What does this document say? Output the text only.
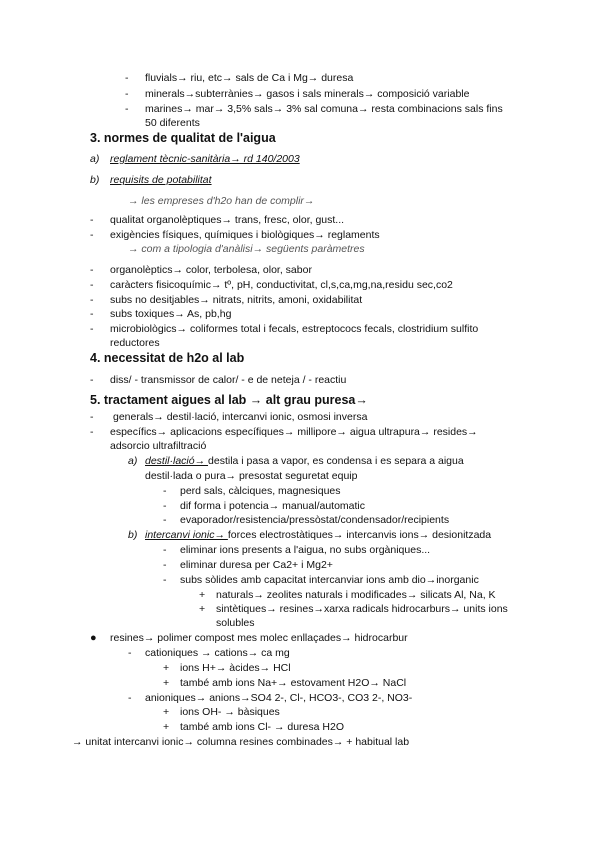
- fluvials→ riu, etc→ sals de Ca i Mg→ duresa
- minerals→subterrànies→ gasos i sals minerals→ composició variable
- marines→ mar→ 3,5% sals→ 3% sal comuna→ resta combinacions sals fins
50 diferents
3. normes de qualitat de l'aigua
a) reglament tècnic-sanitària→ rd 140/2003
b) requisits de potabilitat
→ les empreses d'h2o han de complir→
- qualitat organolèptiques→ trans, fresc, olor, gust...
- exigències físiques, químiques i biològiques→ reglaments
→ com a tipologia d'anàlisi→ següents paràmetres
- organolèptics→ color, terbolesa, olor, sabor
- caràcters fisicoquímic→ tº, pH, conductivitat, cl,s,ca,mg,na,residu sec,co2
- subs no desitjables→ nitrats, nitrits, amoni, oxidabilitat
- subs toxiques→ As, pb,hg
- microbiològics→ coliformes total i fecals, estreptococs fecals, clostridium sulfito
reductores
4. necessitat de h2o al lab
- diss/ - transmissor de calor/ - e de neteja / - reactiu
5. tractament aigues al lab → alt grau puresa→
- generals→ destil·lació, intercanvi ionic, osmosi inversa
- específics→ aplicacions específiques→ millipore→ aigua ultrapura→ resides→
adsorcio ultrafiltració
a) destil·lació→ destila i pasa a vapor, es condensa i es separa a aigua
destil·lada o pura→ presostat seguretat equip
- perd sals, càlciques, magnesiques
- dif forma i potencia→ manual/automatic
- evaporador/resistencia/pressòstat/condensador/recipients
b) intercanvi ionic→ forces electrostàtiques→ intercanvis ions→ desionitzada
- eliminar ions presents a l'aigua, no subs orgàniques...
- eliminar duresa per Ca2+ i Mg2+
- subs sòlides amb capacitat intercanviar ions amb dio→inorganic
+ naturals→ zeolites naturals i modificades→ silicats Al, Na, K
+ sintètiques→ resines→xarxa radicals hidrocarburs→ units ions
solubles
● resines→ polimer compost mes molec enllaçades→ hidrocarbur
- cationiques → cations→ ca mg
+ ions H+→ àcides→ HCl
+ també amb ions Na+→ estovament H2O→ NaCl
- anioniques→ anions→SO4 2-, Cl-, HCO3-, CO3 2-, NO3-
+ ions OH- → bàsiques
+ també amb ions Cl- → duresa H2O
→ unitat intercanvi ionic→ columna resines combinades→ + habitual lab
